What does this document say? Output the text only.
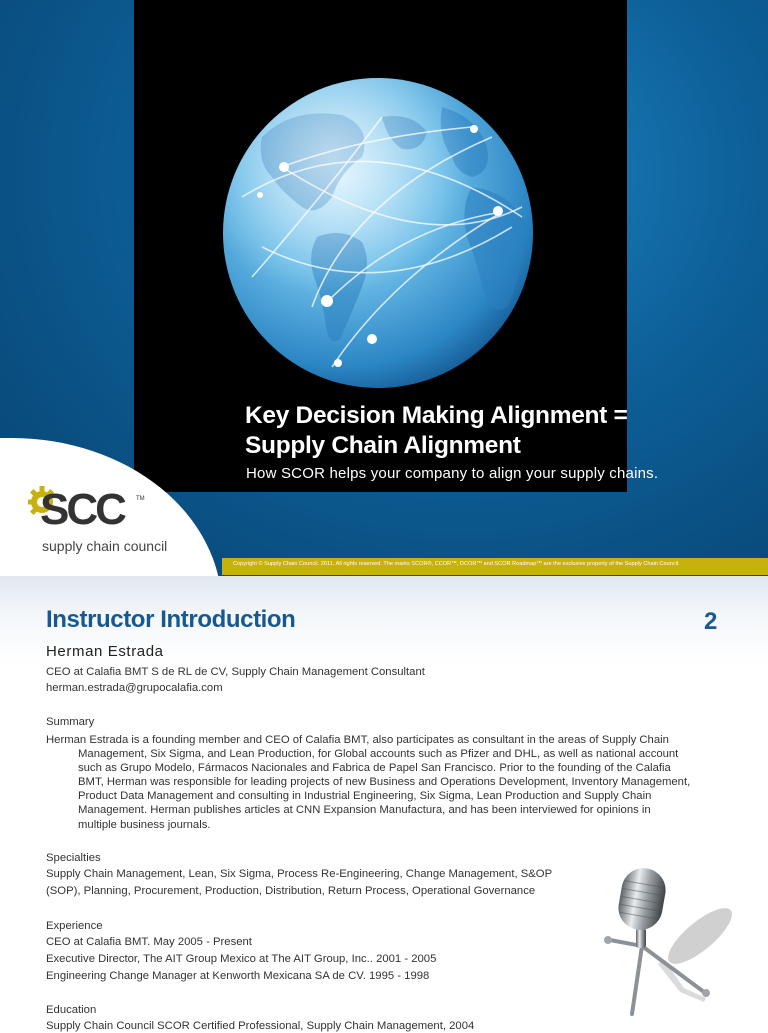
Key Decision Making Alignment =
Supply Chain Alignment
How SCOR helps your company to align your supply chains.
SCC TM
supply chain council
Copyright © Supply Chain Council. 2011. All rights reserved. The marks SCOR®, CCOR™, DCOR™ and SCOR Roadmap™ are the exclusive property of the Supply Chain Council.
Instructor Introduction	2
Herman Estrada
CEO at Calafia BMT S de RL de CV, Supply Chain Management Consultant
herman.estrada@grupocalafia.com
Summary
Herman Estrada is a founding member and CEO of Calafia BMT, also participates as consultant in the areas of Supply Chain
Management, Six Sigma, and Lean Production, for Global accounts such as Pfizer and DHL, as well as national account
such as Grupo Modelo, Fármacos Nacionales and Fabrica de Papel San Francisco. Prior to the founding of the Calafia
BMT, Herman was responsible for leading projects of new Business and Operations Development, Inventory Management,
Product Data Management and consulting in Industrial Engineering, Six Sigma, Lean Production and Supply Chain
Management. Herman publishes articles at CNN Expansion Manufactura, and has been interviewed for opinions in
multiple business journals.
Specialties
Supply Chain Management, Lean, Six Sigma, Process Re-Engineering, Change Management, S&OP
(SOP), Planning, Procurement, Production, Distribution, Return Process, Operational Governance
Experience
CEO at Calafia BMT. May 2005 - Present
Executive Director, The AIT Group Mexico at The AIT Group, Inc.. 2001 - 2005
Engineering Change Manager at Kenworth Mexicana SA de CV. 1995 - 1998
Education
Supply Chain Council SCOR Certified Professional, Supply Chain Management, 2004
